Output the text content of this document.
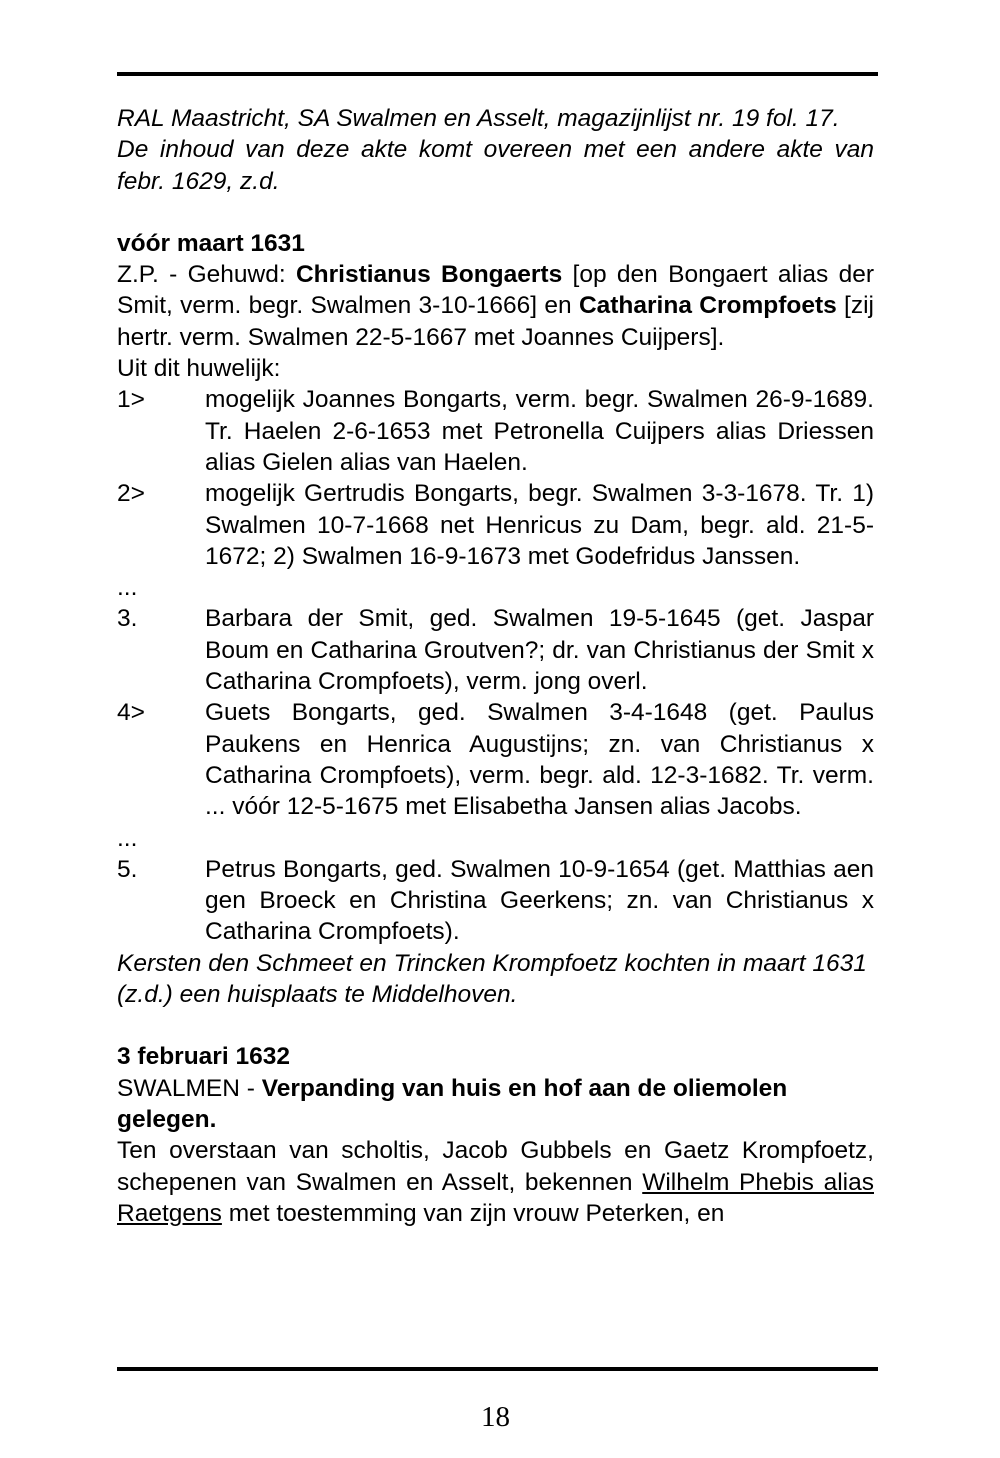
RAL Maastricht, SA Swalmen en Asselt, magazijnlijst nr. 19 fol. 17.

De inhoud van deze akte komt overeen met een andere akte van febr. 1629, z.d.

vóór maart 1631

Z.P. - Gehuwd: Christianus Bongaerts [op den Bongaert alias der Smit, verm. begr. Swalmen 3-10-1666] en Catharina Crompfoets [zij hertr. verm. Swalmen 22-5-1667 met Joannes Cuijpers].

Uit dit huwelijk:

1>	mogelijk Joannes Bongarts, verm. begr. Swalmen 26-9-1689. Tr. Haelen 2-6-1653 met Petronella Cuijpers alias Driessen alias Gielen alias van Haelen.
2>	mogelijk Gertrudis Bongarts, begr. Swalmen 3-3-1678. Tr. 1) Swalmen 10-7-1668 net Henricus zu Dam, begr. ald. 21-5-1672; 2) Swalmen 16-9-1673 met Godefridus Janssen.
...
3.	Barbara der Smit, ged. Swalmen 19-5-1645 (get. Jaspar Boum en Catharina Groutven?; dr. van Christianus der Smit x Catharina Crompfoets), verm. jong overl.
4>	Guets Bongarts, ged. Swalmen 3-4-1648 (get. Paulus Paukens en Henrica Augustijns; zn. van Christianus x Catharina Crompfoets), verm. begr. ald. 12-3-1682. Tr. verm. ... vóór 12-5-1675 met Elisabetha Jansen alias Jacobs.
...
5.	Petrus Bongarts, ged. Swalmen 10-9-1654 (get. Matthias aen gen Broeck en Christina Geerkens; zn. van Christianus x Catharina Crompfoets).

Kersten den Schmeet en Trincken Krompfoetz kochten in maart 1631 (z.d.) een huisplaats te Middelhoven.

3 februari 1632

SWALMEN - Verpanding van huis en hof aan de oliemolen gelegen.

Ten overstaan van scholtis, Jacob Gubbels en Gaetz Krompfoetz, schepenen van Swalmen en Asselt, bekennen Wilhelm Phebis alias Raetgens met toestemming van zijn vrouw Peterken, en

18
